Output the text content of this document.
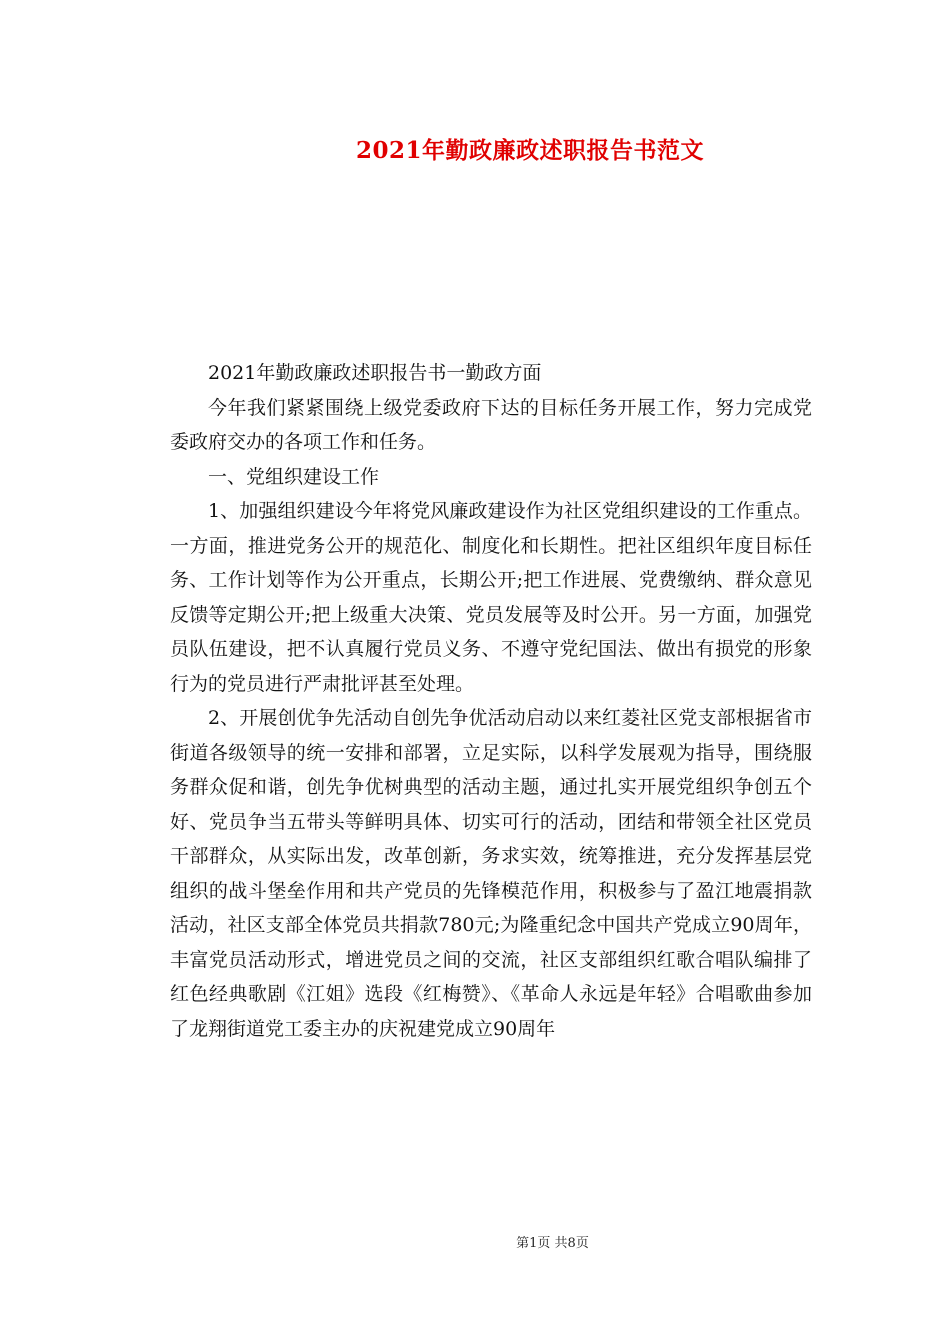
2021年勤政廉政述职报告书范文

2021年勤政廉政述职报告书一勤政方面

今年我们紧紧围绕上级党委政府下达的目标任务开展工作，努力完成党委政府交办的各项工作和任务。

一、党组织建设工作

1、加强组织建设今年将党风廉政建设作为社区党组织建设的工作重点。一方面，推进党务公开的规范化、制度化和长期性。把社区组织年度目标任务、工作计划等作为公开重点，长期公开;把工作进展、党费缴纳、群众意见反馈等定期公开;把上级重大决策、党员发展等及时公开。另一方面，加强党员队伍建设，把不认真履行党员义务、不遵守党纪国法、做出有损党的形象行为的党员进行严肃批评甚至处理。

2、开展创优争先活动自创先争优活动启动以来红菱社区党支部根据省市街道各级领导的统一安排和部署，立足实际，以科学发展观为指导，围绕服务群众促和谐，创先争优树典型的活动主题，通过扎实开展党组织争创五个好、党员争当五带头等鲜明具体、切实可行的活动，团结和带领全社区党员干部群众，从实际出发，改革创新，务求实效，统筹推进，充分发挥基层党组织的战斗堡垒作用和共产党员的先锋模范作用，积极参与了盈江地震捐款活动，社区支部全体党员共捐款780元;为隆重纪念中国共产党成立90周年，丰富党员活动形式，增进党员之间的交流，社区支部组织红歌合唱队编排了红色经典歌剧《江姐》选段《红梅赞》、《革命人永远是年轻》合唱歌曲参加了龙翔街道党工委主办的庆祝建党成立90周年

第1页 共8页
